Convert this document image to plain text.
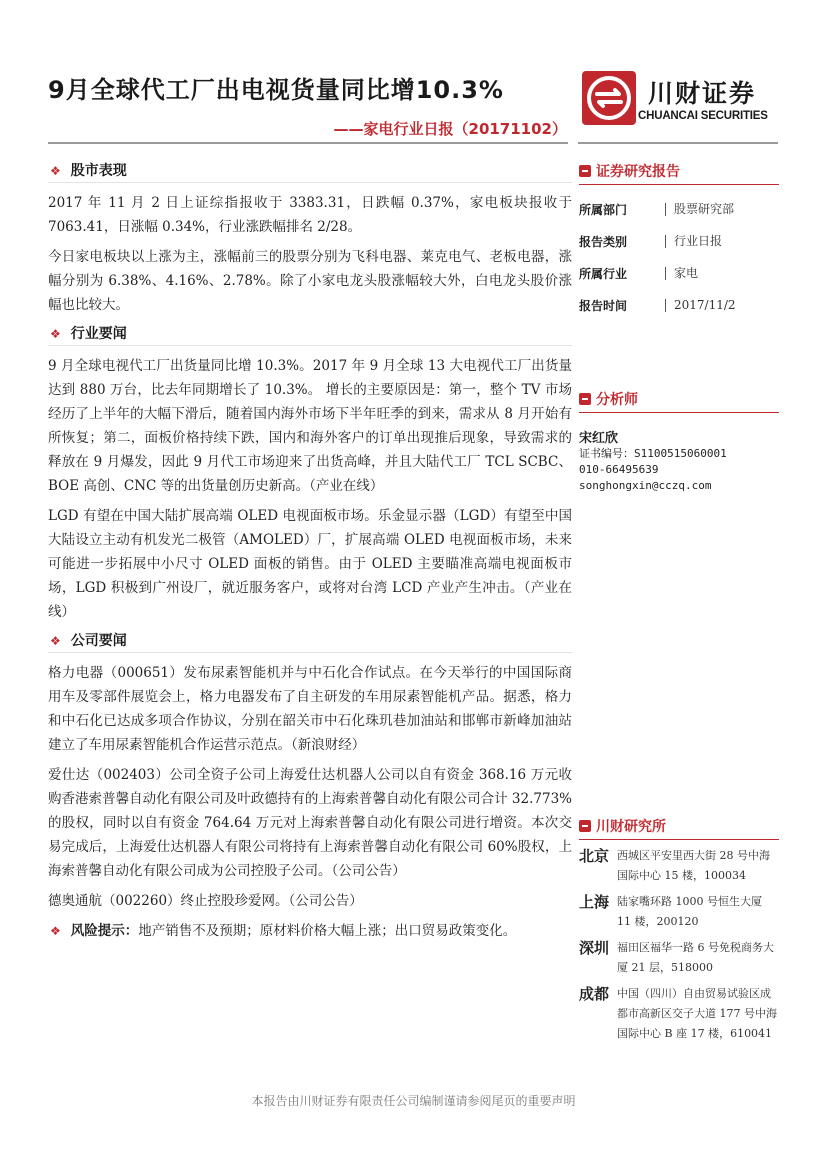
9月全球代工厂出电视货量同比增10.3%
——家电行业日报（20171102）
川财证券
CHUANCAI SECURITIES
❖ 股市表现

2017 年 11 月 2 日上证综指报收于 3383.31，日跌幅 0.37%，家电板块报收于 7063.41，日涨幅 0.34%，行业涨跌幅排名 2/28。

今日家电板块以上涨为主，涨幅前三的股票分别为飞科电器、莱克电气、老板电器，涨幅分别为 6.38%、4.16%、2.78%。除了小家电龙头股涨幅较大外，白电龙头股价涨幅也比较大。

❖ 行业要闻

9 月全球电视代工厂出货量同比增 10.3%。2017 年 9 月全球 13 大电视代工厂出货量达到 880 万台，比去年同期增长了 10.3%。 增长的主要原因是：第一，整个 TV 市场经历了上半年的大幅下滑后，随着国内海外市场下半年旺季的到来，需求从 8 月开始有所恢复；第二，面板价格持续下跌，国内和海外客户的订单出现推后现象，导致需求的释放在 9 月爆发，因此 9 月代工市场迎来了出货高峰，并且大陆代工厂 TCL SCBC、 BOE 高创、CNC 等的出货量创历史新高。（产业在线）

LGD 有望在中国大陆扩展高端 OLED 电视面板市场。乐金显示器（LGD）有望至中国大陆设立主动有机发光二极管（AMOLED）厂，扩展高端 OLED 电视面板市场，未来可能进一步拓展中小尺寸 OLED 面板的销售。由于 OLED 主要瞄准高端电视面板市场，LGD 积极到广州设厂，就近服务客户，或将对台湾 LCD 产业产生冲击。（产业在线）

❖ 公司要闻

格力电器（000651）发布尿素智能机并与中石化合作试点。在今天举行的中国国际商用车及零部件展览会上，格力电器发布了自主研发的车用尿素智能机产品。据悉，格力和中石化已达成多项合作协议，分别在韶关市中石化珠玑巷加油站和邯郸市新峰加油站建立了车用尿素智能机合作运营示范点。（新浪财经）

爱仕达（002403）公司全资子公司上海爱仕达机器人公司以自有资金 368.16 万元收购香港索普馨自动化有限公司及叶政德持有的上海索普馨自动化有限公司合计 32.773%的股权，同时以自有资金 764.64 万元对上海索普馨自动化有限公司进行增资。本次交易完成后，上海爱仕达机器人有限公司将持有上海索普馨自动化有限公司 60%股权，上海索普馨自动化有限公司成为公司控股子公司。（公司公告）

德奥通航（002260）终止控股珍爱网。（公司公告）

❖ 风险提示：地产销售不及预期；原材料价格大幅上涨；出口贸易政策变化。
证券研究报告
所属部门	股票研究部
报告类别	行业日报
所属行业	家电
报告时间	2017/11/2
分析师
宋红欣
证书编号：S1100515060001
010-66495639
songhongxin@cczq.com
川财研究所
北京 西城区平安里西大街 28 号中海国际中心 15 楼，100034
上海 陆家嘴环路 1000 号恒生大厦 11 楼，200120
深圳 福田区福华一路 6 号免税商务大厦 21 层，518000
成都 中国（四川）自由贸易试验区成都市高新区交子大道 177 号中海国际中心 B 座 17 楼，610041
本报告由川财证券有限责任公司编制谨请参阅尾页的重要声明
